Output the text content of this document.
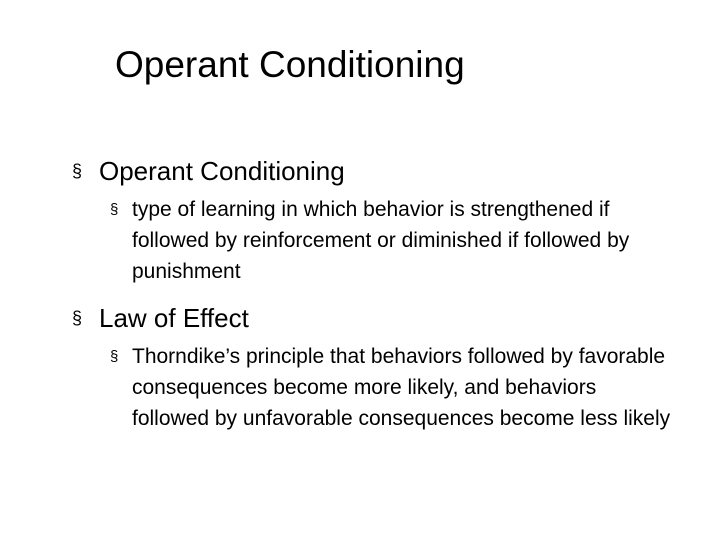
Operant Conditioning
§ Operant Conditioning
§ type of learning in which behavior is strengthened if followed by reinforcement or diminished if followed by punishment
§ Law of Effect
§ Thorndike’s principle that behaviors followed by favorable consequences become more likely, and behaviors followed by unfavorable consequences become less likely
